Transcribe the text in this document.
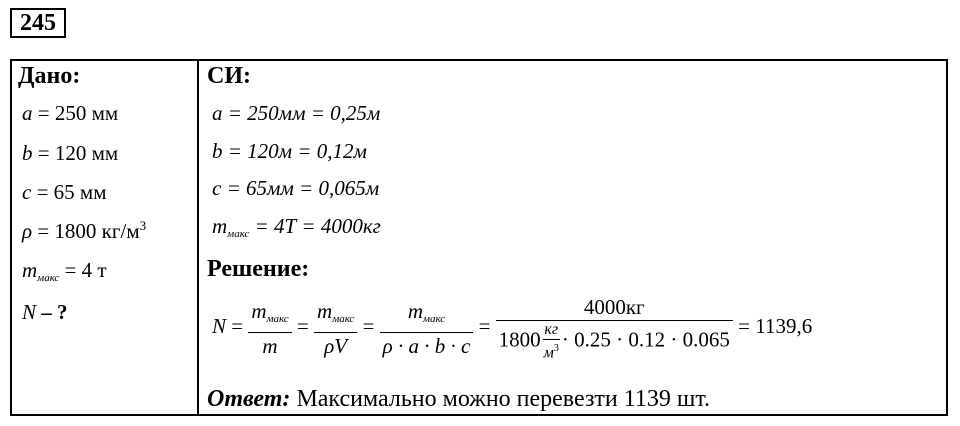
245
Дано:
a = 250 мм
b = 120 мм
c = 65 мм
ρ = 1800 $кг/м^3$
$m_{макс} = 4$ т
N – ?
СИ:
a = 250мм = 0,25м
b = 120м = 0,12м
c = 65мм = 0,065м
$m_{макс} = 4Т = 4000кг$
Решение:
$N = \frac{m_{макс}}{m} = \frac{m_{макс}}{\rho V} = \frac{m_{макс}}{\rho \cdot a \cdot b \cdot c} = 4000кг$
1800 кг
$м^3 \cdot 0.25 \cdot 0.12 \cdot 0.065 = 1139,6$
Ответ: Максимально можно перевезти 1139 шт.
